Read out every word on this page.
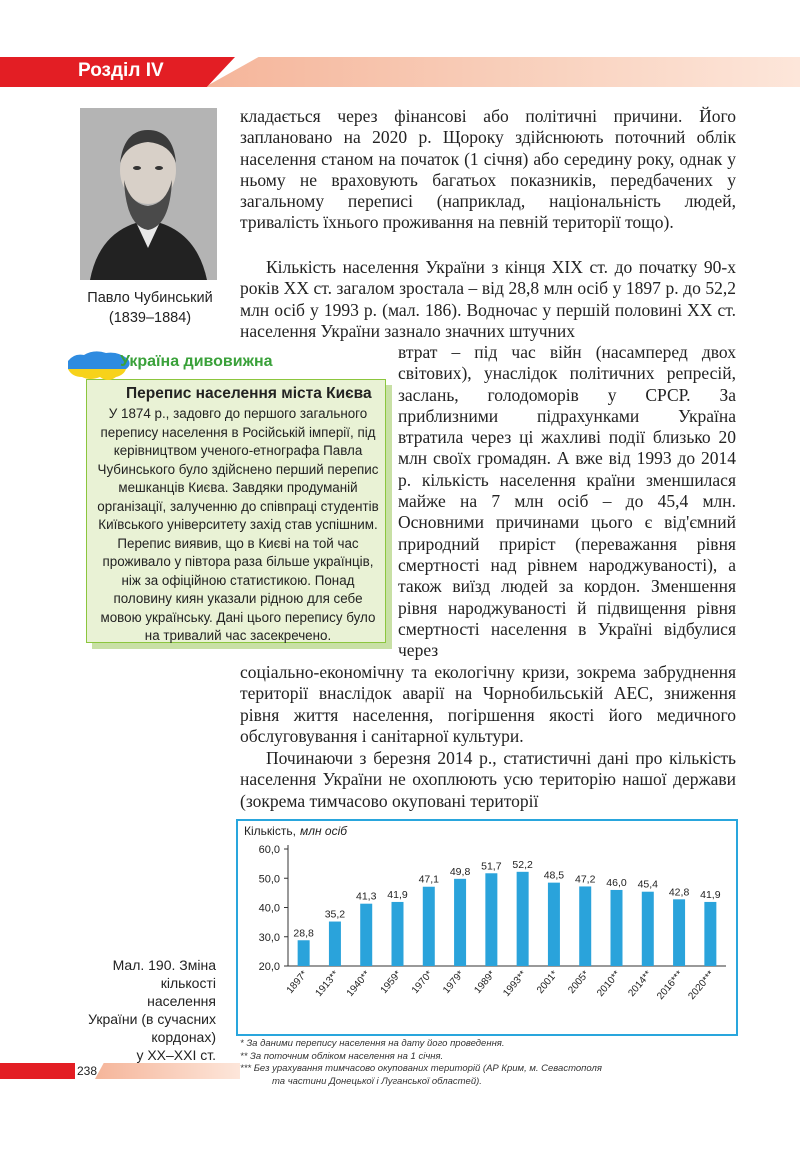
Розділ IV
Павло Чубинський
(1839–1884)

кладається через фінансові або політичні причини. Його заплановано на 2020 р. Щороку здійснюють поточний облік населення станом на початок (1 січня) або середину року, однак у ньому не враховують багатьох показників, передбачених у загальному переписі (наприклад, національність людей, тривалість їхнього проживання на певній території тощо).

Кількість населення України з кінця XIX ст. до початку 90-х років XX ст. загалом зростала – від 28,8 млн осіб у 1897 р. до 52,2 млн осіб у 1993 р. (мал. 186). Водночас у першій половині XX ст. населення України зазнало значних штучних

втрат – під час війн (насамперед двох світових), унаслідок політичних репресій, заслань, голодоморів у СРСР. За приблизними підрахунками Україна втратила через ці жахливі події близько 20 млн своїх громадян. А вже від 1993 до 2014 р. кількість населення країни зменшилася майже на 7 млн осіб – до 45,4 млн. Основними причинами цього є від'ємний природний приріст (переважання рівня смертності над рівнем народжуваності), а також виїзд людей за кордон. Зменшення рівня народжуваності й підвищення рівня смертності населення в Україні відбулися через

соціально-економічну та екологічну кризи, зокрема забруднення території внаслідок аварії на Чорнобильській АЕС, зниження рівня життя населення, погіршення якості його медичного обслуговування і санітарної культури.

Починаючи з березня 2014 р., статистичні дані про кількість населення України не охоплюють усю територію нашої держави (зокрема тимчасово окуповані території

Україна дивовижна
Перепис населення міста Києва
У 1874 р., задовго до першого загального перепису населення в Російській імперії, під керівництвом ученого-етнографа Павла Чубинського було здійснено перший перепис мешканців Києва. Завдяки продуманій організації, залученню до співпраці студентів Київського університету захід став успішним. Перепис виявив, що в Києві на той час проживало у півтора раза більше українців, ніж за офіційною статистикою. Понад половину киян указали рідною для себе мовою українську. Дані цього перепису було на тривалий час засекречено.
Кількість, млн осіб
60,0
50,0
40,0
30,0
20,0
28,8
1897*
35,2
1913**
41,3
1940**
41,9
1959*
47,1
1970*
49,8
1979*
51,7
1989*
52,2
1993**
48,5
2001*
47,2
2005*
46,0
2010**
45,4
2014**
42,8
2016***
41,9
2020***
Мал. 190. Зміна
кількості населення
України (в сучасних
кордонах)
у XX–XXI ст.
* За даними перепису населення на дату його проведення.
** За поточним обліком населення на 1 січня.
*** Без урахування тимчасово окупованих територій (АР Крим, м. Севастополя
та частини Донецької і Луганської областей).
238
